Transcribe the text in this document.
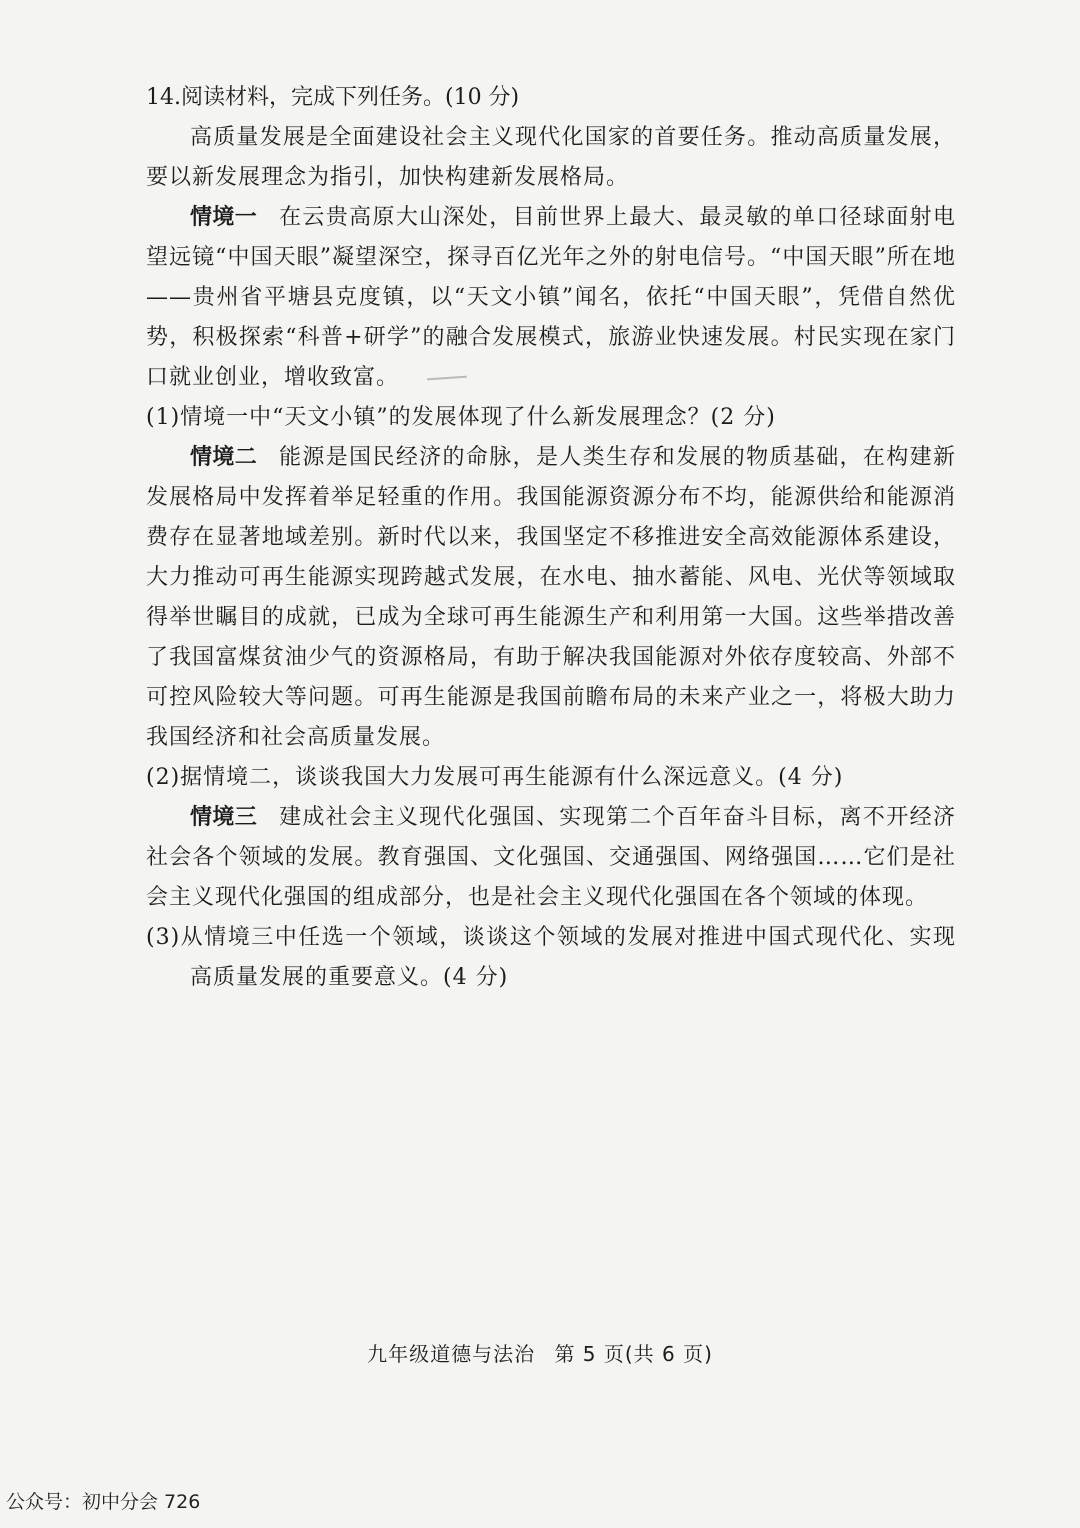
14.阅读材料，完成下列任务。(10 分)

高质量发展是全面建设社会主义现代化国家的首要任务。推动高质量发展，要以新发展理念为指引，加快构建新发展格局。

情境一 在云贵高原大山深处，目前世界上最大、最灵敏的单口径球面射电望远镜“中国天眼”凝望深空，探寻百亿光年之外的射电信号。“中国天眼”所在地——贵州省平塘县克度镇，以“天文小镇”闻名，依托“中国天眼”，凭借自然优势，积极探索“科普+研学”的融合发展模式，旅游业快速发展。村民实现在家门口就业创业，增收致富。

(1)情境一中“天文小镇”的发展体现了什么新发展理念？(2 分)

情境二 能源是国民经济的命脉，是人类生存和发展的物质基础，在构建新发展格局中发挥着举足轻重的作用。我国能源资源分布不均，能源供给和能源消费存在显著地域差别。新时代以来，我国坚定不移推进安全高效能源体系建设，大力推动可再生能源实现跨越式发展，在水电、抽水蓄能、风电、光伏等领域取得举世瞩目的成就，已成为全球可再生能源生产和利用第一大国。这些举措改善了我国富煤贫油少气的资源格局，有助于解决我国能源对外依存度较高、外部不可控风险较大等问题。可再生能源是我国前瞻布局的未来产业之一，将极大助力我国经济和社会高质量发展。

(2)据情境二，谈谈我国大力发展可再生能源有什么深远意义。(4 分)

情境三 建成社会主义现代化强国、实现第二个百年奋斗目标，离不开经济社会各个领域的发展。教育强国、文化强国、交通强国、网络强国……它们是社会主义现代化强国的组成部分，也是社会主义现代化强国在各个领域的体现。

(3)从情境三中任选一个领域，谈谈这个领域的发展对推进中国式现代化、实现高质量发展的重要意义。(4 分)

九年级道德与法治 第 5 页(共 6 页)
公众号：初中分会 726
